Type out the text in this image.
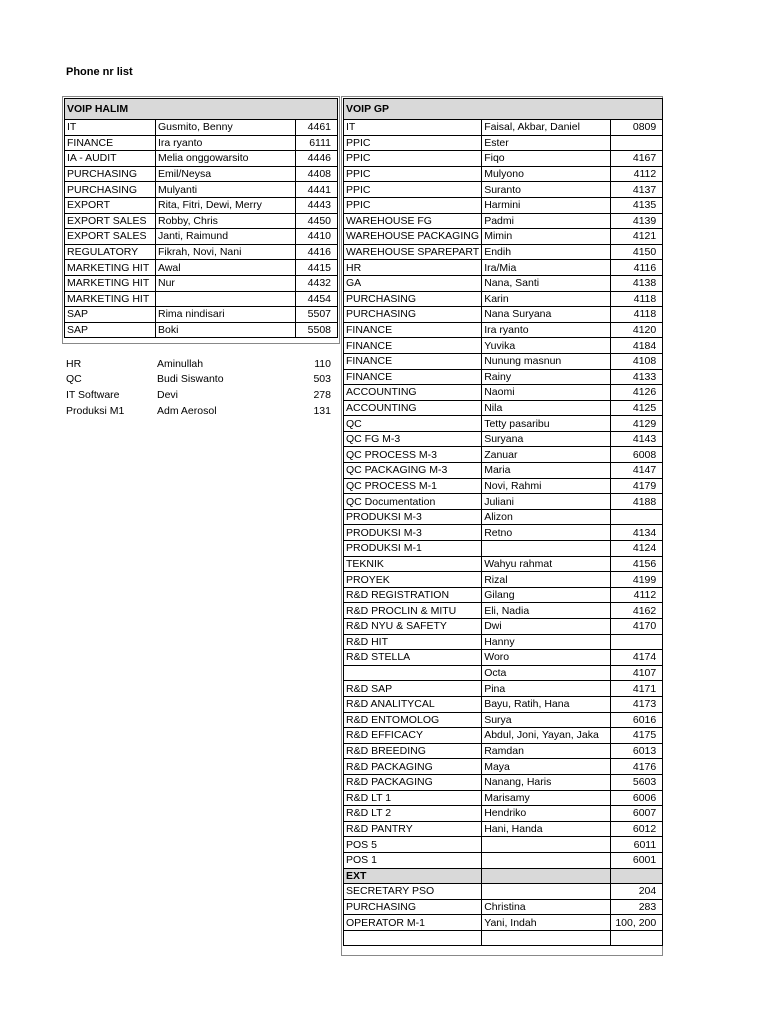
Phone nr list
VOIP HALIM		
IT	Gusmito, Benny	4461
FINANCE	Ira ryanto	6111
IA - AUDIT	Melia onggowarsito	4446
PURCHASING	Emil/Neysa	4408
PURCHASING	Mulyanti	4441
EXPORT	Rita, Fitri, Dewi, Merry	4443
EXPORT SALES	Robby, Chris	4450
EXPORT SALES	Janti, Raimund	4410
REGULATORY	Fikrah, Novi, Nani	4416
MARKETING HIT	Awal	4415
MARKETING HIT	Nur	4432
MARKETING HIT		4454
SAP	Rima nindisari	5507
SAP	Boki	5508
HR	Aminullah	110
QC	Budi Siswanto	503
IT Software	Devi	278
Produksi M1	Adm Aerosol	131
VOIP GP		
IT	Faisal, Akbar, Daniel	0809
PPIC	Ester	
PPIC	Fiqo	4167
PPIC	Mulyono	4112
PPIC	Suranto	4137
PPIC	Harmini	4135
WAREHOUSE FG	Padmi	4139
WAREHOUSE PACKAGING	Mimin	4121
WAREHOUSE SPAREPART	Endih	4150
HR	Ira/Mia	4116
GA	Nana, Santi	4138
PURCHASING	Karin	4118
PURCHASING	Nana Suryana	4118
FINANCE	Ira ryanto	4120
FINANCE	Yuvika	4184
FINANCE	Nunung masnun	4108
FINANCE	Rainy	4133
ACCOUNTING	Naomi	4126
ACCOUNTING	Nila	4125
QC	Tetty pasaribu	4129
QC FG M-3	Suryana	4143
QC PROCESS M-3	Zanuar	6008
QC PACKAGING M-3	Maria	4147
QC PROCESS M-1	Novi, Rahmi	4179
QC Documentation	Juliani	4188
PRODUKSI M-3	Alizon	
PRODUKSI M-3	Retno	4134
PRODUKSI M-1		4124
TEKNIK	Wahyu rahmat	4156
PROYEK	Rizal	4199
R&D REGISTRATION	Gilang	4112
R&D PROCLIN & MITU	Eli, Nadia	4162
R&D NYU & SAFETY	Dwi	4170
R&D HIT	Hanny	
R&D STELLA	Woro	4174
	Octa	4107
R&D SAP	Pina	4171
R&D ANALITYCAL	Bayu, Ratih, Hana	4173
R&D ENTOMOLOG	Surya	6016
R&D EFFICACY	Abdul, Joni, Yayan, Jaka	4175
R&D BREEDING	Ramdan	6013
R&D PACKAGING	Maya	4176
R&D PACKAGING	Nanang, Haris	5603
R&D LT 1	Marisamy	6006
R&D LT 2	Hendriko	6007
R&D PANTRY	Hani, Handa	6012
POS 5		6011
POS 1		6001
EXT		
SECRETARY PSO		204
PURCHASING	Christina	283
OPERATOR M-1	Yani, Indah	100, 200
